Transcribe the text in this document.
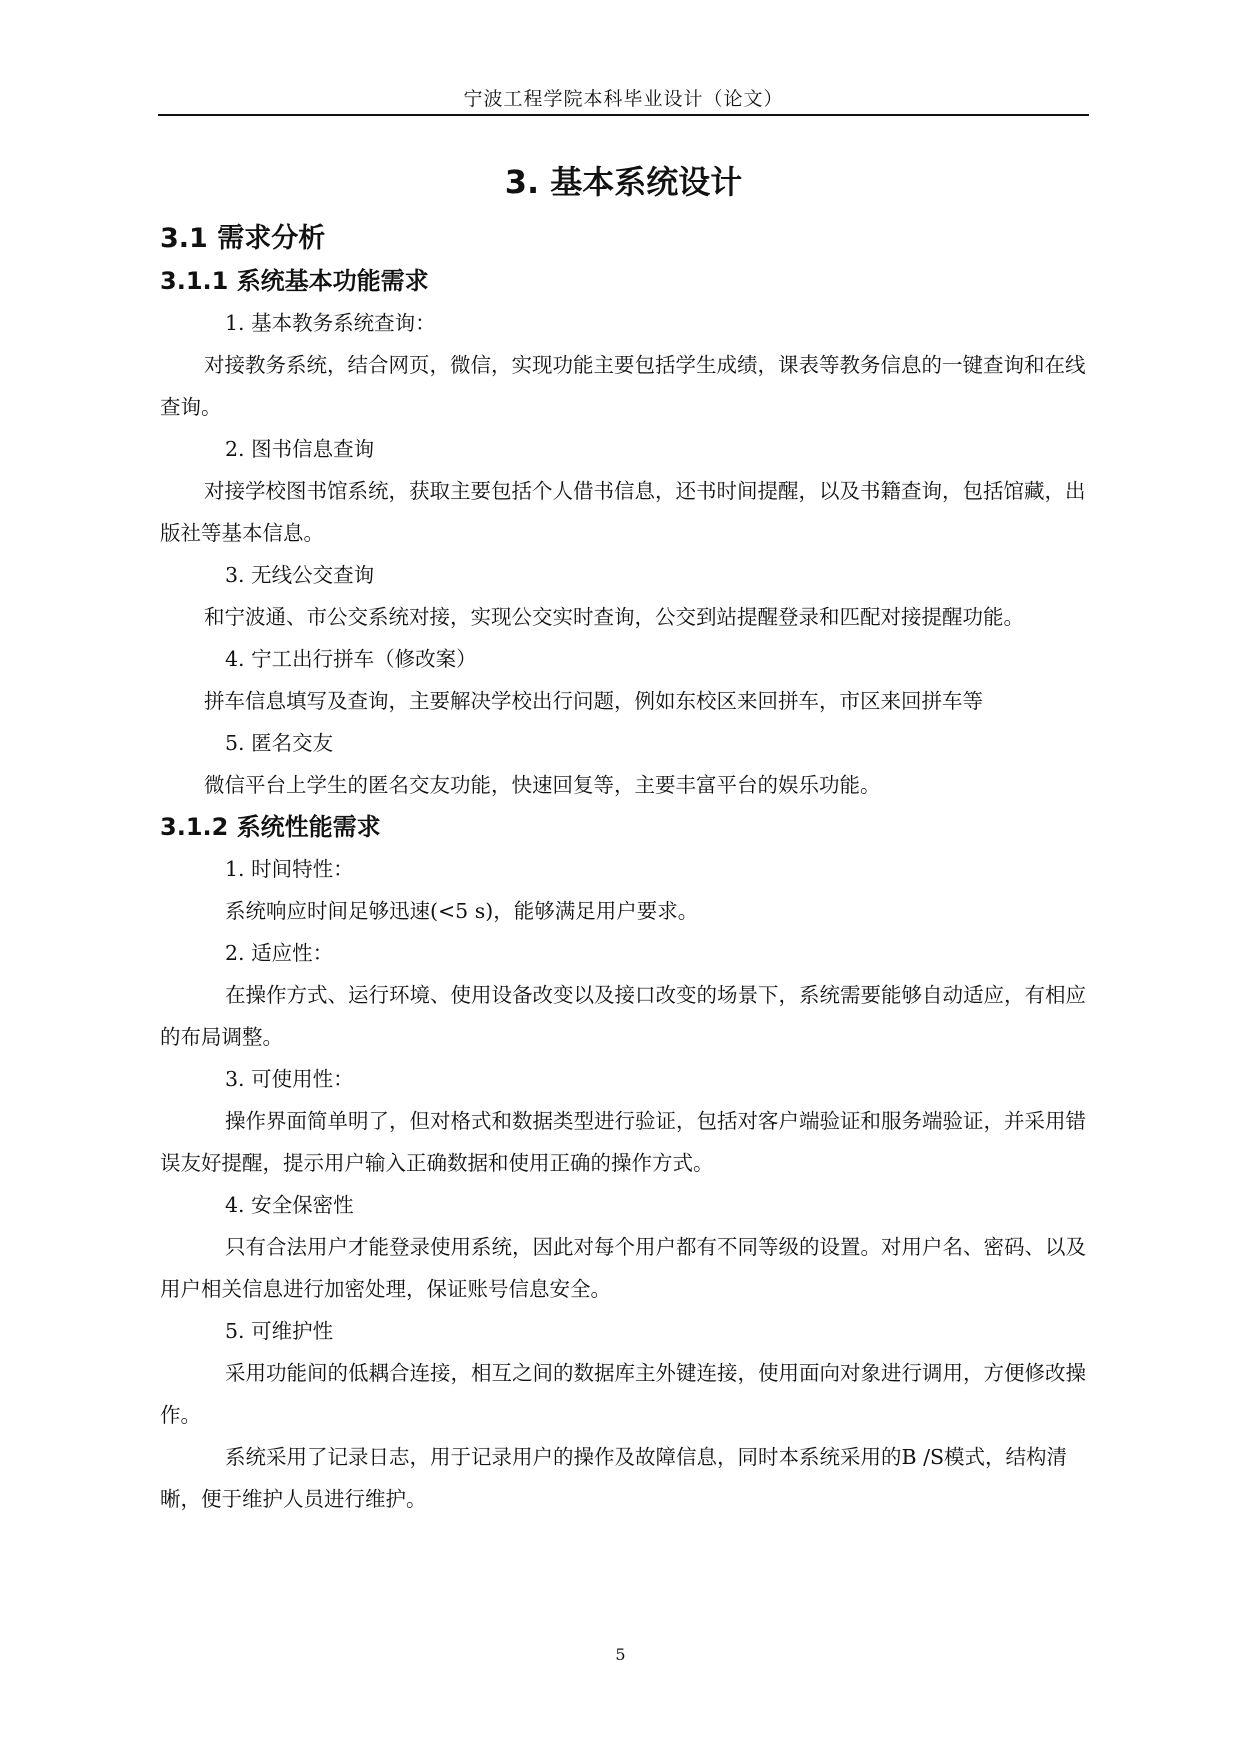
宁波工程学院本科毕业设计（论文）
3. 基本系统设计
3.1 需求分析
3.1.1 系统基本功能需求

1. 基本教务系统查询：

对接教务系统，结合网页，微信，实现功能主要包括学生成绩，课表等教务信息的一键查询和在线查询。

2. 图书信息查询

对接学校图书馆系统，获取主要包括个人借书信息，还书时间提醒，以及书籍查询，包括馆藏，出版社等基本信息。

3. 无线公交查询

和宁波通、市公交系统对接，实现公交实时查询，公交到站提醒登录和匹配对接提醒功能。

4. 宁工出行拼车（修改案）

拼车信息填写及查询，主要解决学校出行问题，例如东校区来回拼车，市区来回拼车等

5. 匿名交友

微信平台上学生的匿名交友功能，快速回复等，主要丰富平台的娱乐功能。

3.1.2 系统性能需求

1. 时间特性：

系统响应时间足够迅速(<5 s)，能够满足用户要求。

2. 适应性：

在操作方式、运行环境、使用设备改变以及接口改变的场景下，系统需要能够自动适应，有相应的布局调整。

3. 可使用性：

操作界面简单明了，但对格式和数据类型进行验证，包括对客户端验证和服务端验证，并采用错误友好提醒，提示用户输入正确数据和使用正确的操作方式。

4. 安全保密性

只有合法用户才能登录使用系统，因此对每个用户都有不同等级的设置。对用户名、密码、以及用户相关信息进行加密处理，保证账号信息安全。

5. 可维护性

采用功能间的低耦合连接，相互之间的数据库主外键连接，使用面向对象进行调用，方便修改操作。

系统采用了记录日志，用于记录用户的操作及故障信息，同时本系统采用的B /S模式，结构清晰，便于维护人员进行维护。

5
